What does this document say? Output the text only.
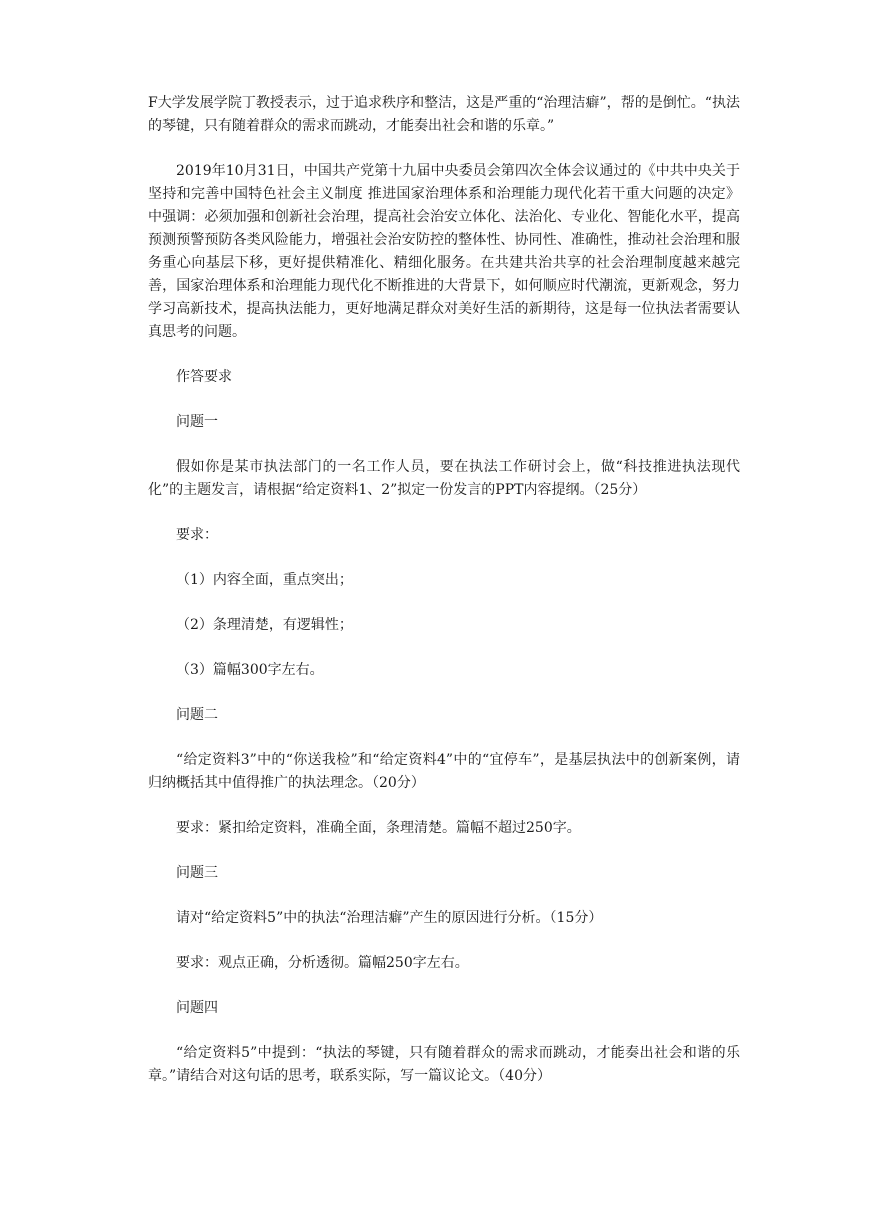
F大学发展学院丁教授表示，过于追求秩序和整洁，这是严重的“治理洁癖”，帮的是倒忙。“执法的琴键，只有随着群众的需求而跳动，才能奏出社会和谐的乐章。”

2019年10月31日，中国共产党第十九届中央委员会第四次全体会议通过的《中共中央关于坚持和完善中国特色社会主义制度 推进国家治理体系和治理能力现代化若干重大问题的决定》中强调：必须加强和创新社会治理，提高社会治安立体化、法治化、专业化、智能化水平，提高预测预警预防各类风险能力，增强社会治安防控的整体性、协同性、准确性，推动社会治理和服务重心向基层下移，更好提供精准化、精细化服务。在共建共治共享的社会治理制度越来越完善，国家治理体系和治理能力现代化不断推进的大背景下，如何顺应时代潮流，更新观念，努力学习高新技术，提高执法能力，更好地满足群众对美好生活的新期待，这是每一位执法者需要认真思考的问题。

作答要求

问题一

假如你是某市执法部门的一名工作人员，要在执法工作研讨会上，做“科技推进执法现代化”的主题发言，请根据“给定资料1、2”拟定一份发言的PPT内容提纲。（25分）

要求：

（1）内容全面，重点突出；

（2）条理清楚，有逻辑性；

（3）篇幅300字左右。

问题二

“给定资料3”中的“你送我检”和“给定资料4”中的“宜停车”，是基层执法中的创新案例，请归纳概括其中值得推广的执法理念。（20分）

要求：紧扣给定资料，准确全面，条理清楚。篇幅不超过250字。

问题三

请对“给定资料5”中的执法“治理洁癖”产生的原因进行分析。（15分）

要求：观点正确，分析透彻。篇幅250字左右。

问题四

“给定资料5”中提到：“执法的琴键，只有随着群众的需求而跳动，才能奏出社会和谐的乐章。”请结合对这句话的思考，联系实际，写一篇议论文。（40分）
